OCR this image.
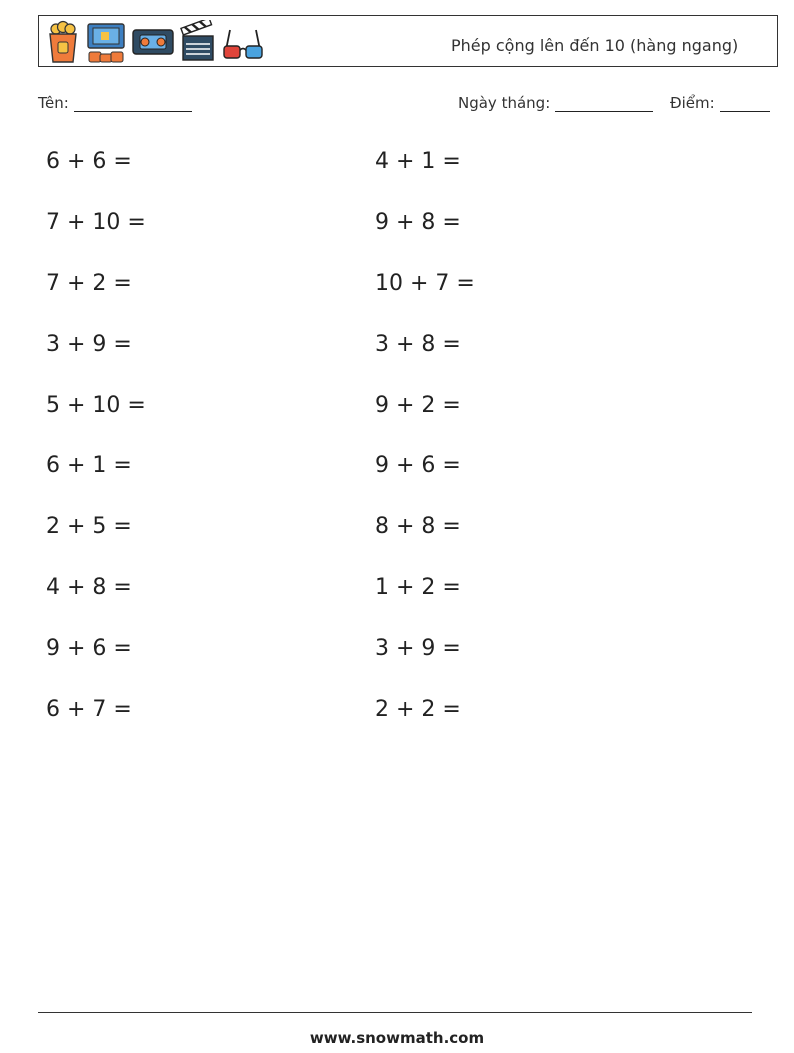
Phép cộng lên đến 10 (hàng ngang)
Tên:	Ngày tháng:	Điểm:
6 + 6 =
7 + 10 =
7 + 2 =
3 + 9 =
5 + 10 =
6 + 1 =
2 + 5 =
4 + 8 =
9 + 6 =
6 + 7 =
4 + 1 =
9 + 8 =
10 + 7 =
3 + 8 =
9 + 2 =
9 + 6 =
8 + 8 =
1 + 2 =
3 + 9 =
2 + 2 =
www.snowmath.com
